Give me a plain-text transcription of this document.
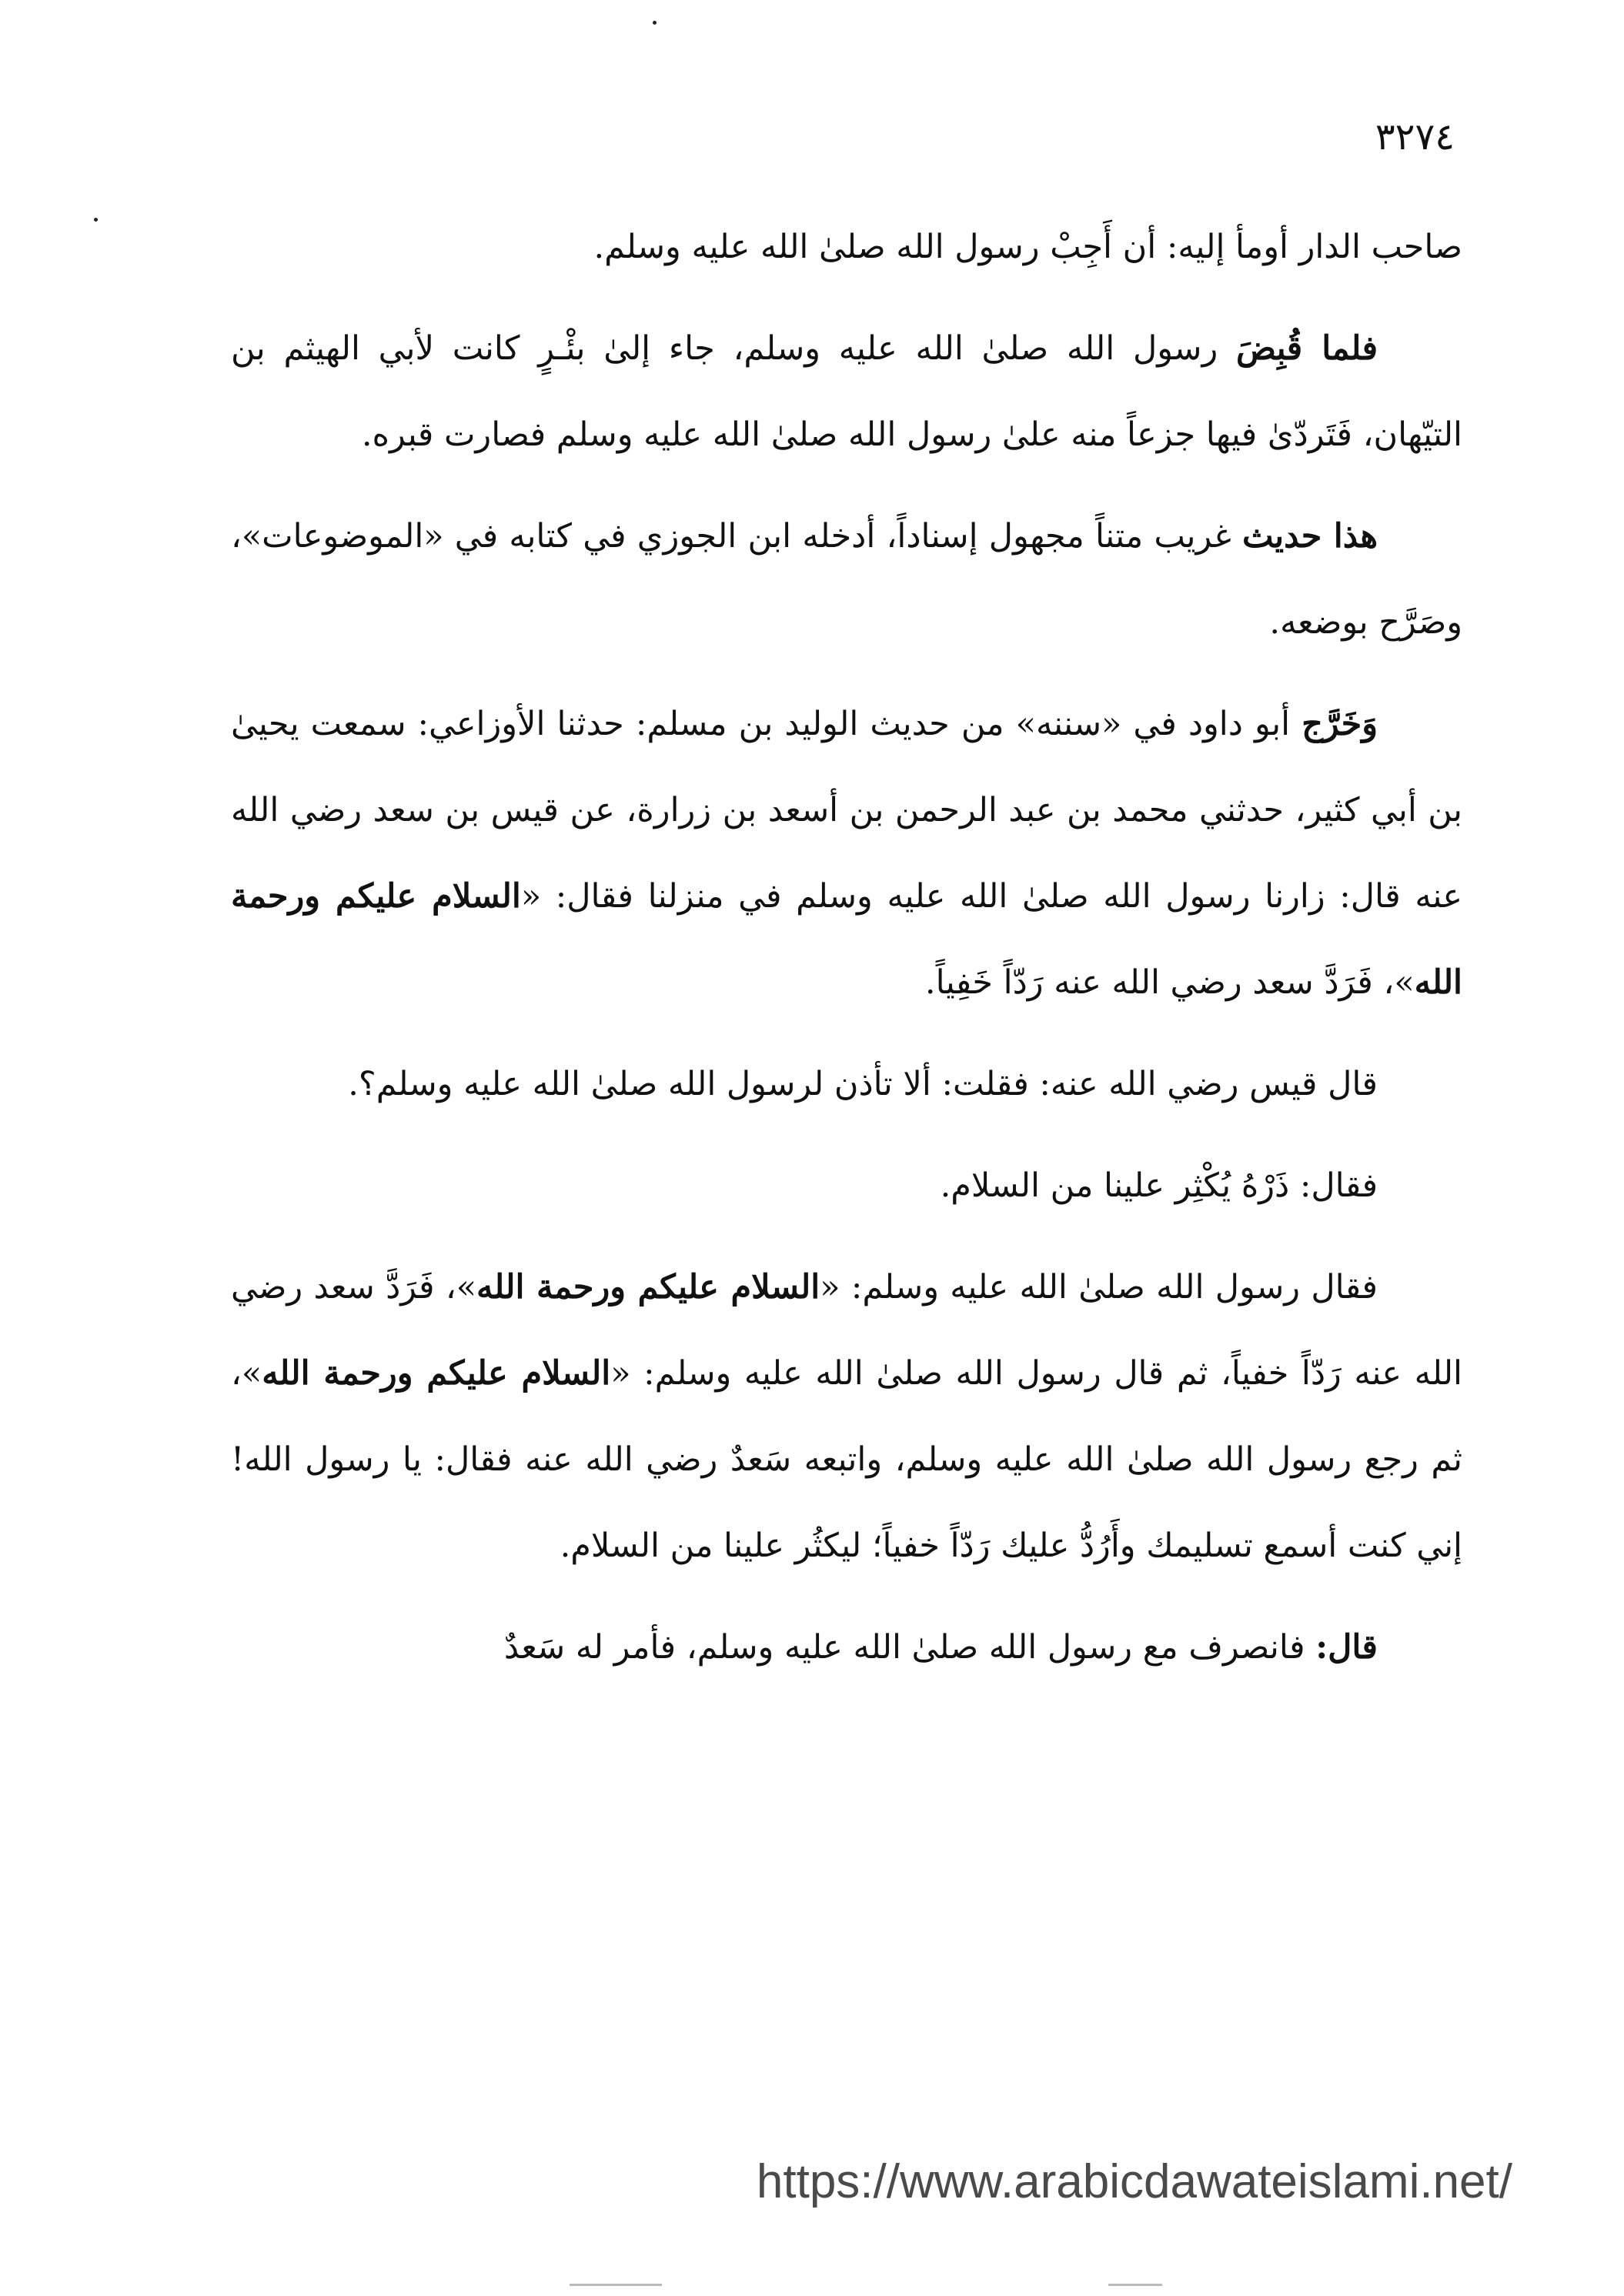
٣٢٧٤

صاحب الدار أومأ إليه: أن أَجِبْ رسول الله صلىٰ الله عليه وسلم.

فلما قُبِضَ رسول الله صلىٰ الله عليه وسلم، جاء إلىٰ بئْـرٍ كانت لأبي الهيثم بن التيّهان، فَتَردّىٰ فيها جزعاً منه علىٰ رسول الله صلىٰ الله عليه وسلم فصارت قبره.

هذا حديث غريب متناً مجهول إسناداً، أدخله ابن الجوزي في كتابه في «الموضوعات»، وصَرَّح بوضعه.

وَخَرَّج أبو داود في «سننه» من حديث الوليد بن مسلم: حدثنا الأوزاعي: سمعت يحيىٰ بن أبي كثير، حدثني محمد بن عبد الرحمن بن أسعد بن زرارة، عن قيس بن سعد رضي الله عنه قال: زارنا رسول الله صلىٰ الله عليه وسلم في منزلنا فقال: «السلام عليكم ورحمة الله»، فَرَدَّ سعد رضي الله عنه رَدّاً خَفِياً.

قال قيس رضي الله عنه: فقلت: ألا تأذن لرسول الله صلىٰ الله عليه وسلم؟.

فقال: ذَرْهُ يُكْثِر علينا من السلام.

فقال رسول الله صلىٰ الله عليه وسلم: «السلام عليكم ورحمة الله»، فَرَدَّ سعد رضي الله عنه رَدّاً خفياً، ثم قال رسول الله صلىٰ الله عليه وسلم: «السلام عليكم ورحمة الله»، ثم رجع رسول الله صلىٰ الله عليه وسلم، واتبعه سَعدٌ رضي الله عنه فقال: يا رسول الله! إني كنت أسمع تسليمك وأَرُدُّ عليك رَدّاً خفياً؛ ليكثُر علينا من السلام.

قال: فانصرف مع رسول الله صلىٰ الله عليه وسلم، فأمر له سَعدٌ

https://www.arabicdawateislami.net/
